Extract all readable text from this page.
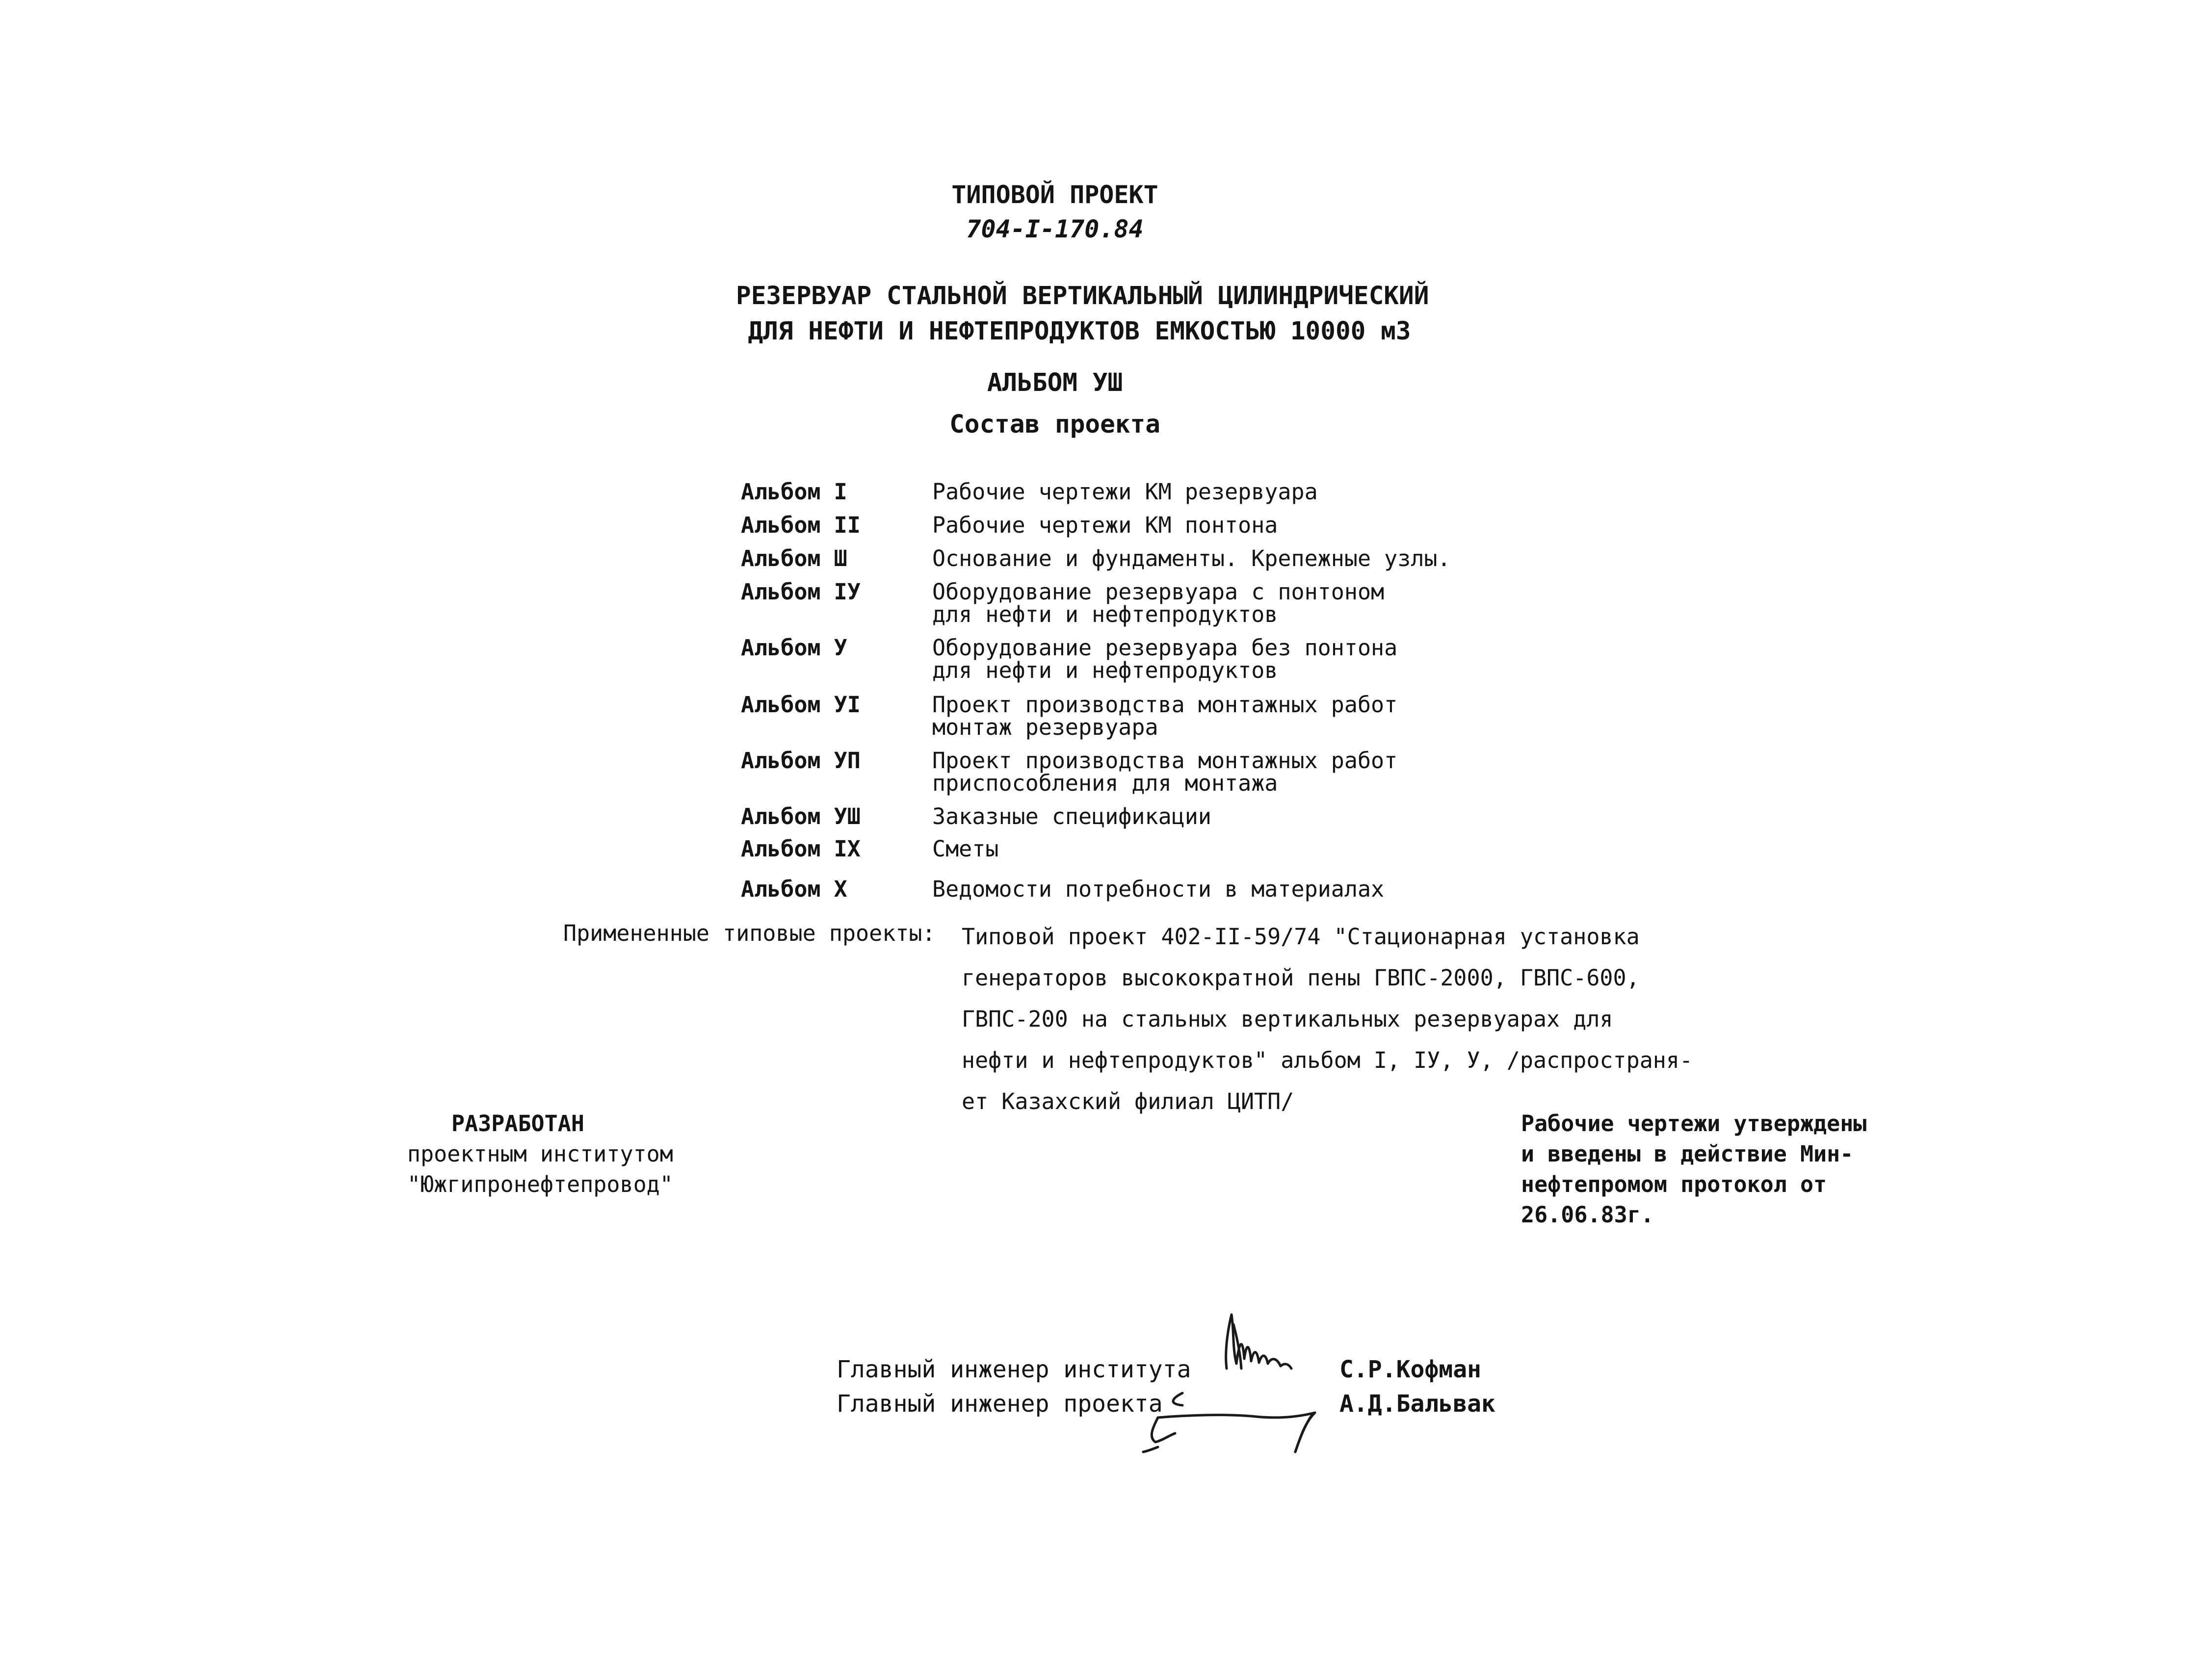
ТИПОВОЙ ПРОЕКТ
704-I-170.84
РЕЗЕРВУАР СТАЛЬНОЙ ВЕРТИКАЛЬНЫЙ ЦИЛИНДРИЧЕСКИЙ
ДЛЯ НЕФТИ И НЕФТЕПРОДУКТОВ ЕМКОСТЬЮ 10000 м3
АЛЬБОМ УШ
Состав проекта
Альбом I	Рабочие чертежи КМ резервуара
Альбом II	Рабочие чертежи КМ понтона
Альбом Ш	Основание и фундаменты. Крепежные узлы.
Альбом IУ	Оборудование резервуара с понтоном
для нефти и нефтепродуктов
Альбом У	Оборудование резервуара без понтона
для нефти и нефтепродуктов
Альбом УI	Проект производства монтажных работ
монтаж резервуара
Альбом УП	Проект производства монтажных работ
приспособления для монтажа
Альбом УШ	Заказные спецификации
Альбом IX	Сметы
Альбом X	Ведомости потребности в материалах
Примененные типовые проекты: Типовой проект 402-II-59/74 "Стационарная установка
генераторов высокократной пены ГВПС-2000, ГВПС-600,
ГВПС-200 на стальных вертикальных резервуарах для
нефти и нефтепродуктов" альбом I, IУ, У, /распространя-
ет Казахский филиал ЦИТП/
РАЗРАБОТАН
проектным институтом
"Южгипронефтепровод"
Рабочие чертежи утверждены
и введены в действие Мин-
нефтепромом протокол от
26.06.83г.
Главный инженер института	С.Р.Кофман
Главный инженер проекта	А.Д.Бальвак
